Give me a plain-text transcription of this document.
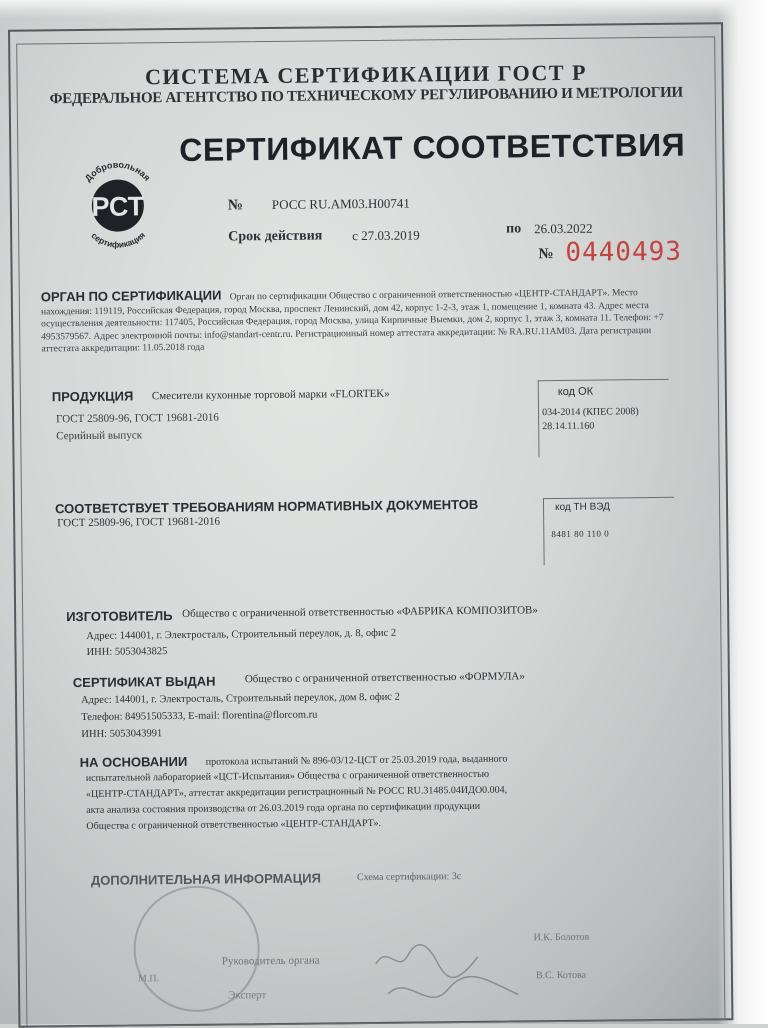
СИСТЕМА СЕРТИФИКАЦИИ ГОСТ Р
ФЕДЕРАЛЬНОЕ АГЕНТСТВО ПО ТЕХНИЧЕСКОМУ РЕГУЛИРОВАНИЮ И МЕТРОЛОГИИ
СЕРТИФИКАТ СООТВЕТСТВИЯ
РСТ
Добровольная
сертификация
№ РОСС RU.АМ03.Н00741
Срок действия с 27.03.2019	по 26.03.2022
№ 0440493
ОРГАН ПО СЕРТИФИКАЦИИ Орган по сертификации Общество с ограниченной ответственностью «ЦЕНТР-СТАНДАРТ». Место нахождения: 119119, Российская Федерация, город Москва, проспект Ленинский, дом 42, корпус 1-2-3, этаж 1, помещение 1, комната 43. Адрес места осуществления деятельности: 117405, Российская Федерация, город Москва, улица Кирпичные Выемки, дом 2, корпус 1, этаж 3, комната 11. Телефон: +7 4953579567. Адрес электронной почты: info@standart-centr.ru. Регистрационный номер аттестата аккредитации: № RA.RU.11AM03. Дата регистрации аттестата аккредитации: 11.05.2018 года
ПРОДУКЦИЯ Смесители кухонные торговой марки «FLORTEK»
ГОСТ 25809-96, ГОСТ 19681-2016
Серийный выпуск
код ОК
034-2014 (КПЕС 2008)
28.14.11.160
СООТВЕТСТВУЕТ ТРЕБОВАНИЯМ НОРМАТИВНЫХ ДОКУМЕНТОВ
ГОСТ 25809-96, ГОСТ 19681-2016
код ТН ВЭД
8481 80 110 0
ИЗГОТОВИТЕЛЬ Общество с ограниченной ответственностью «ФАБРИКА КОМПОЗИТОВ»
Адрес: 144001, г. Электросталь, Строительный переулок, д. 8, офис 2
ИНН: 5053043825
СЕРТИФИКАТ ВЫДАН	Общество с ограниченной ответственностью «ФОРМУЛА»
Адрес: 144001, г. Электросталь, Строительный переулок, дом 8, офис 2
Телефон: 84951505333, E-mail: florentina@florcom.ru
ИНН: 5053043991
НА ОСНОВАНИИ протокола испытаний № 896-03/12-ЦСТ от 25.03.2019 года, выданного
испытательной лабораторией «ЦСТ-Испытания» Общества с ограниченной ответственностью
«ЦЕНТР-СТАНДАРТ», аттестат аккредитации регистрационный № РОСС RU.31485.04ИДО0.004,
акта анализа состояния производства от 26.03.2019 года органа по сертификации продукции
Общества с ограниченной ответственностью «ЦЕНТР-СТАНДАРТ».
ДОПОЛНИТЕЛЬНАЯ ИНФОРМАЦИЯ	Схема сертификации: 3с
М.П.
Руководитель органа
И.К. Болотов
Эксперт
В.С. Котова
